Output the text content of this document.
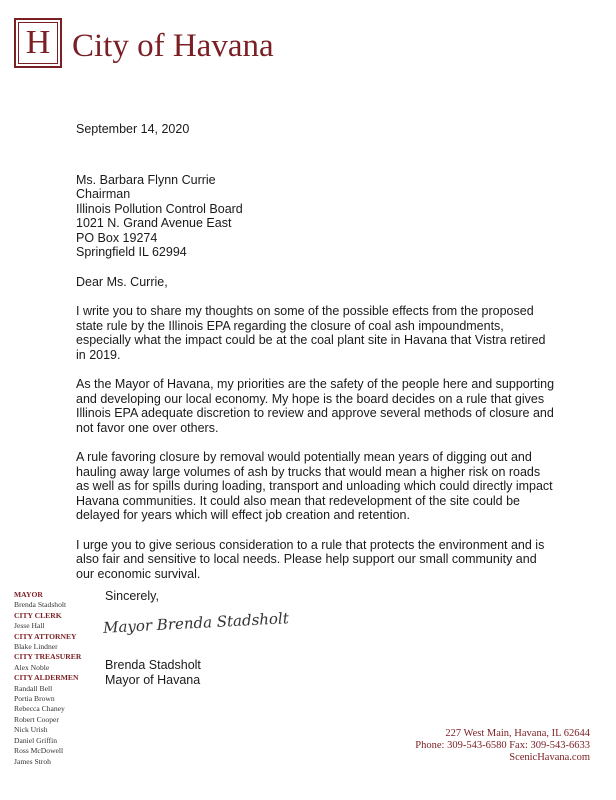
H City of Havana
September 14, 2020
Ms. Barbara Flynn Currie
Chairman
Illinois Pollution Control Board
1021 N. Grand Avenue East
PO Box 19274
Springfield IL 62994
Dear Ms. Currie,

I write you to share my thoughts on some of the possible effects from the proposed state rule by the Illinois EPA regarding the closure of coal ash impoundments, especially what the impact could be at the coal plant site in Havana that Vistra retired in 2019.

As the Mayor of Havana, my priorities are the safety of the people here and supporting and developing our local economy. My hope is the board decides on a rule that gives Illinois EPA adequate discretion to review and approve several methods of closure and not favor one over others.

A rule favoring closure by removal would potentially mean years of digging out and hauling away large volumes of ash by trucks that would mean a higher risk on roads as well as for spills during loading, transport and unloading which could directly impact Havana communities. It could also mean that redevelopment of the site could be delayed for years which will effect job creation and retention.

I urge you to give serious consideration to a rule that protects the environment and is also fair and sensitive to local needs. Please help support our small community and our economic survival.

Sincerely,
Mayor Brenda Stadsholt
Brenda Stadsholt
Mayor of Havana
MAYOR
Brenda Stadsholt
CITY CLERK
Jesse Hall
CITY ATTORNEY
Blake Lindner
CITY TREASURER
Alex Noble
CITY ALDERMEN
Randall Bell
Portia Brown
Rebecca Chaney
Robert Cooper
Nick Urish
Daniel Griffin
Ross McDowell
James Stroh
227 West Main, Havana, IL 62644
Phone: 309-543-6580 Fax: 309-543-6633
ScenicHavana.com
